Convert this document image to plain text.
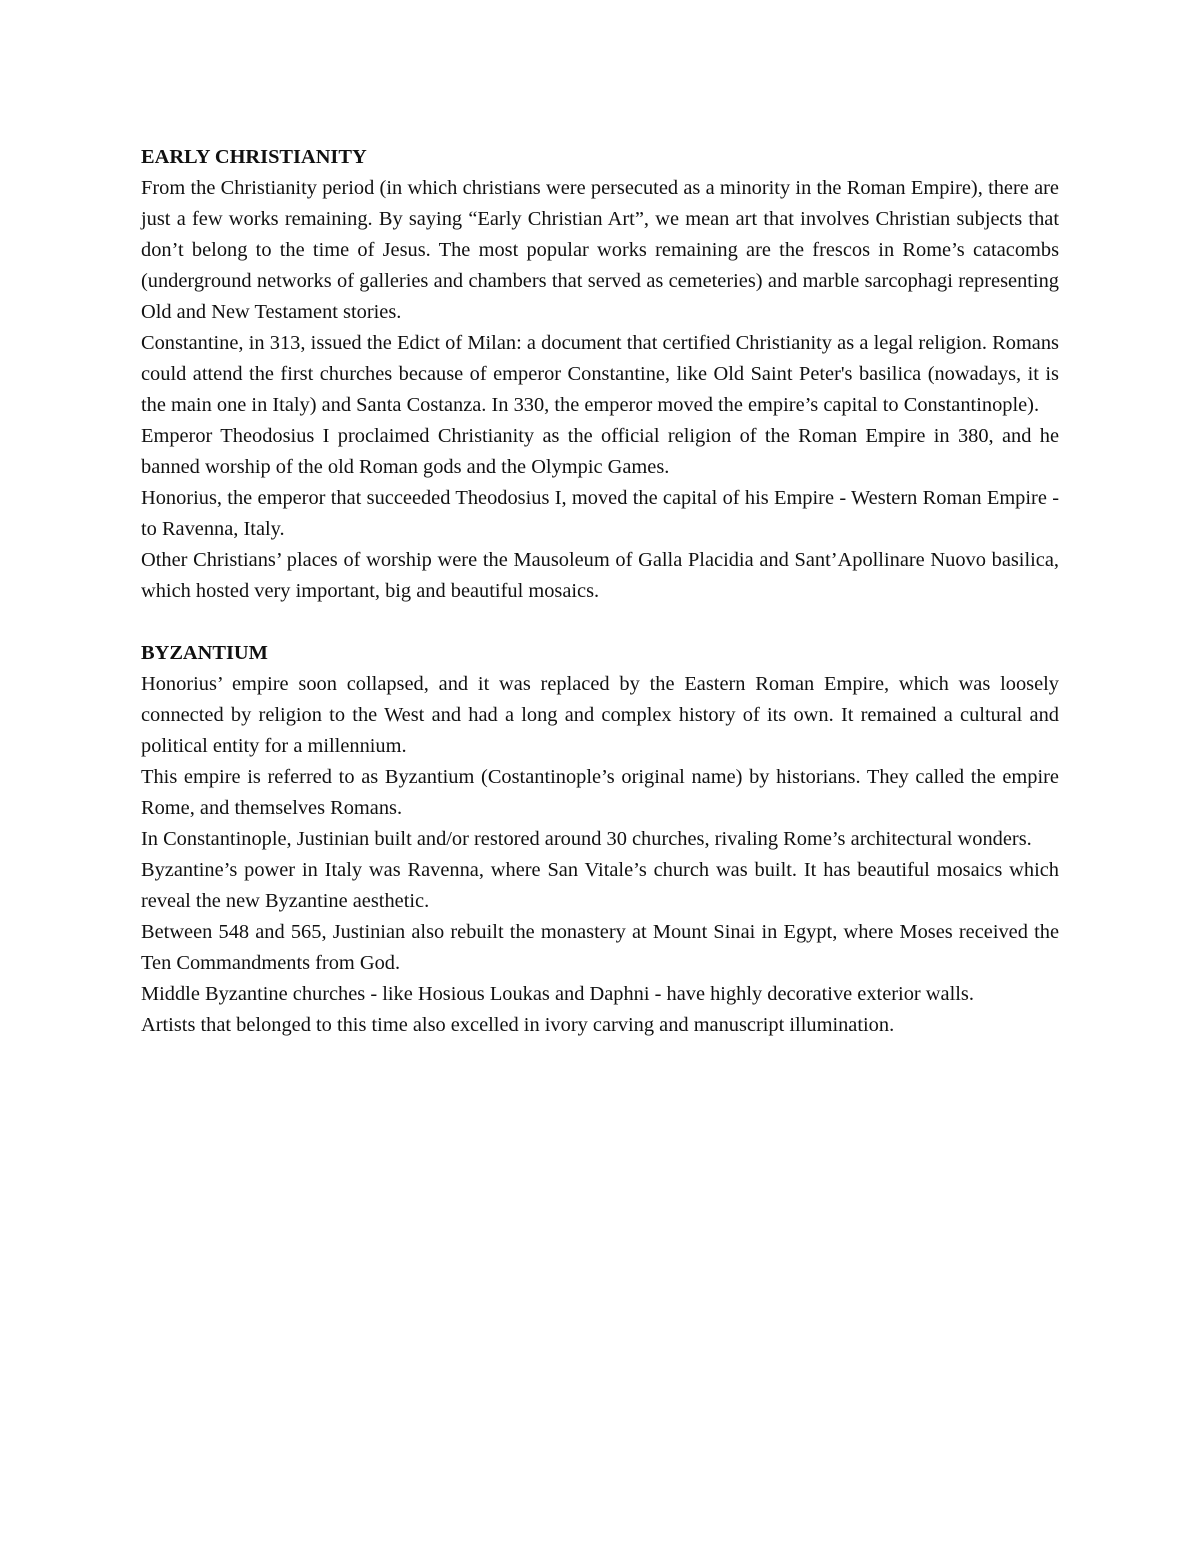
EARLY CHRISTIANITY

From the Christianity period (in which christians were persecuted as a minority in the Roman Empire), there are just a few works remaining. By saying “Early Christian Art”, we mean art that involves Christian subjects that don’t belong to the time of Jesus. The most popular works remaining are the frescos in Rome’s catacombs (underground networks of galleries and chambers that served as cemeteries) and marble sarcophagi representing Old and New Testament stories.

Constantine, in 313, issued the Edict of Milan: a document that certified Christianity as a legal religion. Romans could attend the first churches because of emperor Constantine, like Old Saint Peter's basilica (nowadays, it is the main one in Italy) and Santa Costanza. In 330, the emperor moved the empire’s capital to Constantinople).

Emperor Theodosius I proclaimed Christianity as the official religion of the Roman Empire in 380, and he banned worship of the old Roman gods and the Olympic Games.

Honorius, the emperor that succeeded Theodosius I, moved the capital of his Empire - Western Roman Empire - to Ravenna, Italy.

Other Christians’ places of worship were the Mausoleum of Galla Placidia and Sant’Apollinare Nuovo basilica, which hosted very important, big and beautiful mosaics.

BYZANTIUM

Honorius’ empire soon collapsed, and it was replaced by the Eastern Roman Empire, which was loosely connected by religion to the West and had a long and complex history of its own. It remained a cultural and political entity for a millennium.

This empire is referred to as Byzantium (Costantinople’s original name) by historians. They called the empire Rome, and themselves Romans.

In Constantinople, Justinian built and/or restored around 30 churches, rivaling Rome’s architectural wonders.

Byzantine’s power in Italy was Ravenna, where San Vitale’s church was built. It has beautiful mosaics which reveal the new Byzantine aesthetic.

Between 548 and 565, Justinian also rebuilt the monastery at Mount Sinai in Egypt, where Moses received the Ten Commandments from God.

Middle Byzantine churches - like Hosious Loukas and Daphni - have highly decorative exterior walls.

Artists that belonged to this time also excelled in ivory carving and manuscript illumination.
